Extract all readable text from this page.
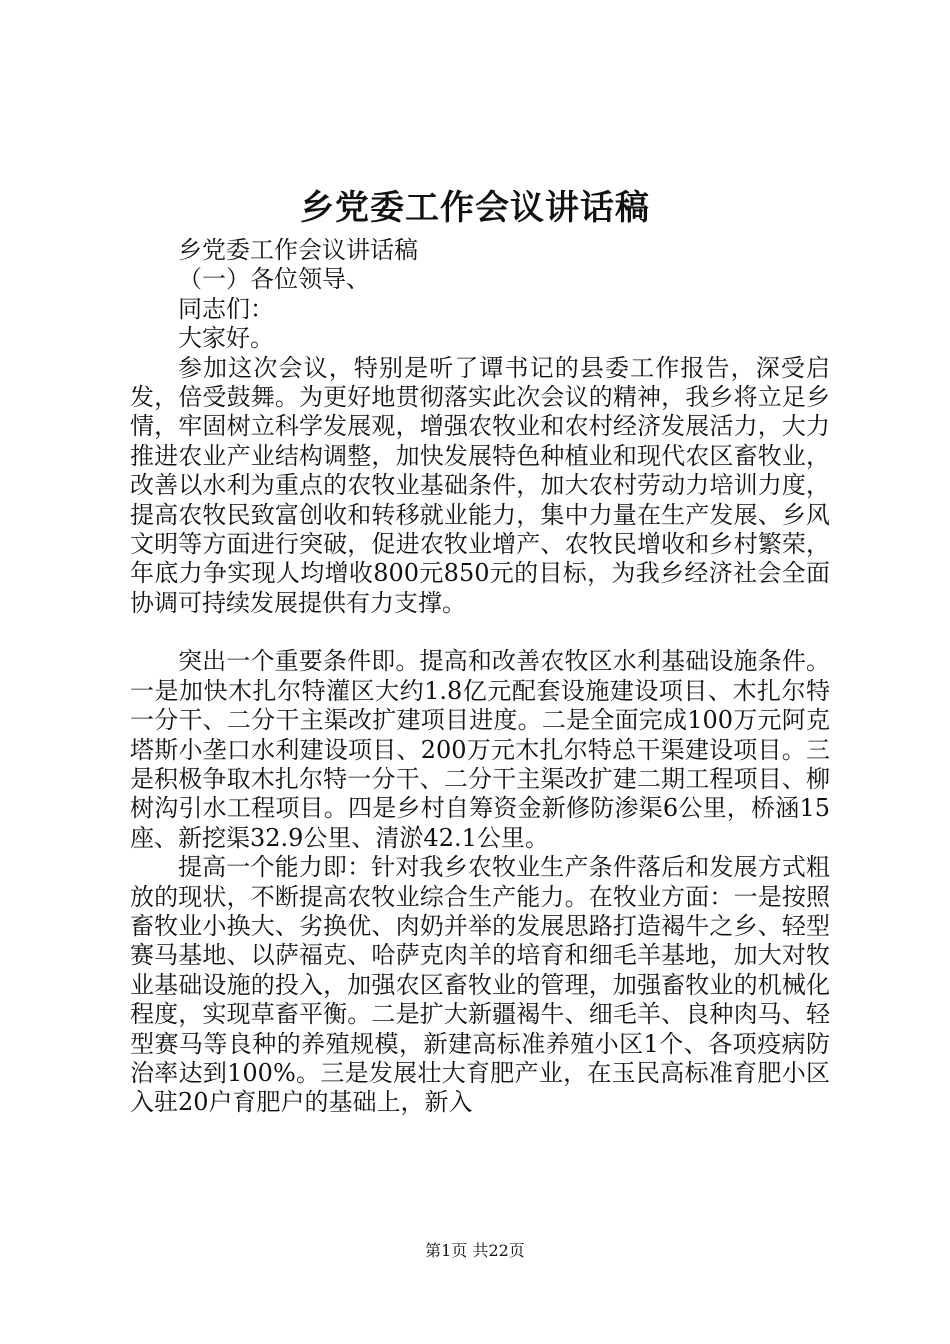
乡党委工作会议讲话稿

乡党委工作会议讲话稿

（一）各位领导、

同志们：

大家好。

参加这次会议，特别是听了谭书记的县委工作报告，深受启发，倍受鼓舞。为更好地贯彻落实此次会议的精神，我乡将立足乡情，牢固树立科学发展观，增强农牧业和农村经济发展活力，大力推进农业产业结构调整，加快发展特色种植业和现代农区畜牧业，改善以水利为重点的农牧业基础条件，加大农村劳动力培训力度，提高农牧民致富创收和转移就业能力，集中力量在生产发展、乡风文明等方面进行突破，促进农牧业增产、农牧民增收和乡村繁荣，年底力争实现人均增收800元850元的目标，为我乡经济社会全面协调可持续发展提供有力支撑。

突出一个重要条件即。提高和改善农牧区水利基础设施条件。一是加快木扎尔特灌区大约1.8亿元配套设施建设项目、木扎尔特一分干、二分干主渠改扩建项目进度。二是全面完成100万元阿克塔斯小垄口水利建设项目、200万元木扎尔特总干渠建设项目。三是积极争取木扎尔特一分干、二分干主渠改扩建二期工程项目、柳树沟引水工程项目。四是乡村自筹资金新修防渗渠6公里，桥涵15座、新挖渠32.9公里、清淤42.1公里。

提高一个能力即：针对我乡农牧业生产条件落后和发展方式粗放的现状，不断提高农牧业综合生产能力。在牧业方面：一是按照畜牧业小换大、劣换优、肉奶并举的发展思路打造褐牛之乡、轻型赛马基地、以萨福克、哈萨克肉羊的培育和细毛羊基地，加大对牧业基础设施的投入，加强农区畜牧业的管理，加强畜牧业的机械化程度，实现草畜平衡。二是扩大新疆褐牛、细毛羊、良种肉马、轻型赛马等良种的养殖规模，新建高标准养殖小区1个、各项疫病防治率达到100%。三是发展壮大育肥产业，在玉民高标准育肥小区入驻20户育肥户的基础上，新入

第1页 共22页
